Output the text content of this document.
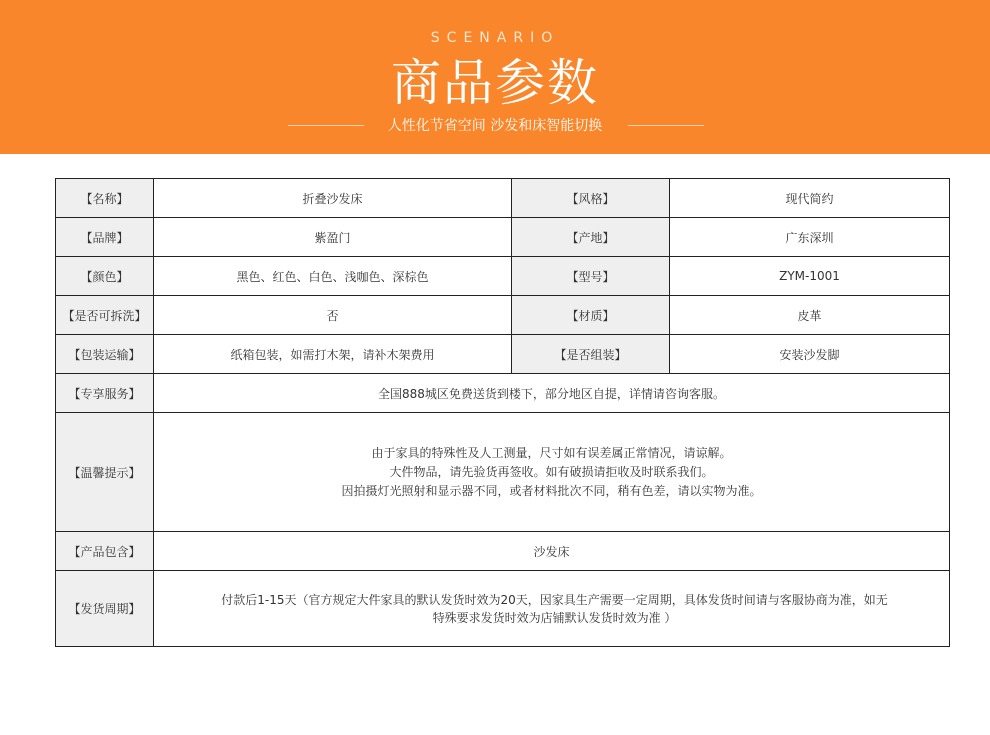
SCENARIO
商品参数
人性化节省空间 沙发和床智能切换
【名称】	折叠沙发床	【风格】	现代简约
【品牌】	紫盈门	【产地】	广东深圳
【颜色】	黑色、红色、白色、浅咖色、深棕色	【型号】	ZYM-1001
【是否可拆洗】	否	【材质】	皮革
【包装运输】	纸箱包装，如需打木架，请补木架费用	【是否组装】	安装沙发脚
【专享服务】	全国888城区免费送货到楼下，部分地区自提，详情请咨询客服。		
【温馨提示】	由于家具的特殊性及人工测量，尺寸如有误差属正常情况，请谅解。
大件物品，请先验货再签收。如有破损请拒收及时联系我们。
因拍摄灯光照射和显示器不同，或者材料批次不同，稍有色差，请以实物为准。		

【产品包含】	沙发床		
【发货周期】	付款后1-15天（官方规定大件家具的默认发货时效为20天，因家具生产需要一定周期，具体发货时间请与客服协商为准，如无特殊要求发货时效为店铺默认发货时效为准 ）		
